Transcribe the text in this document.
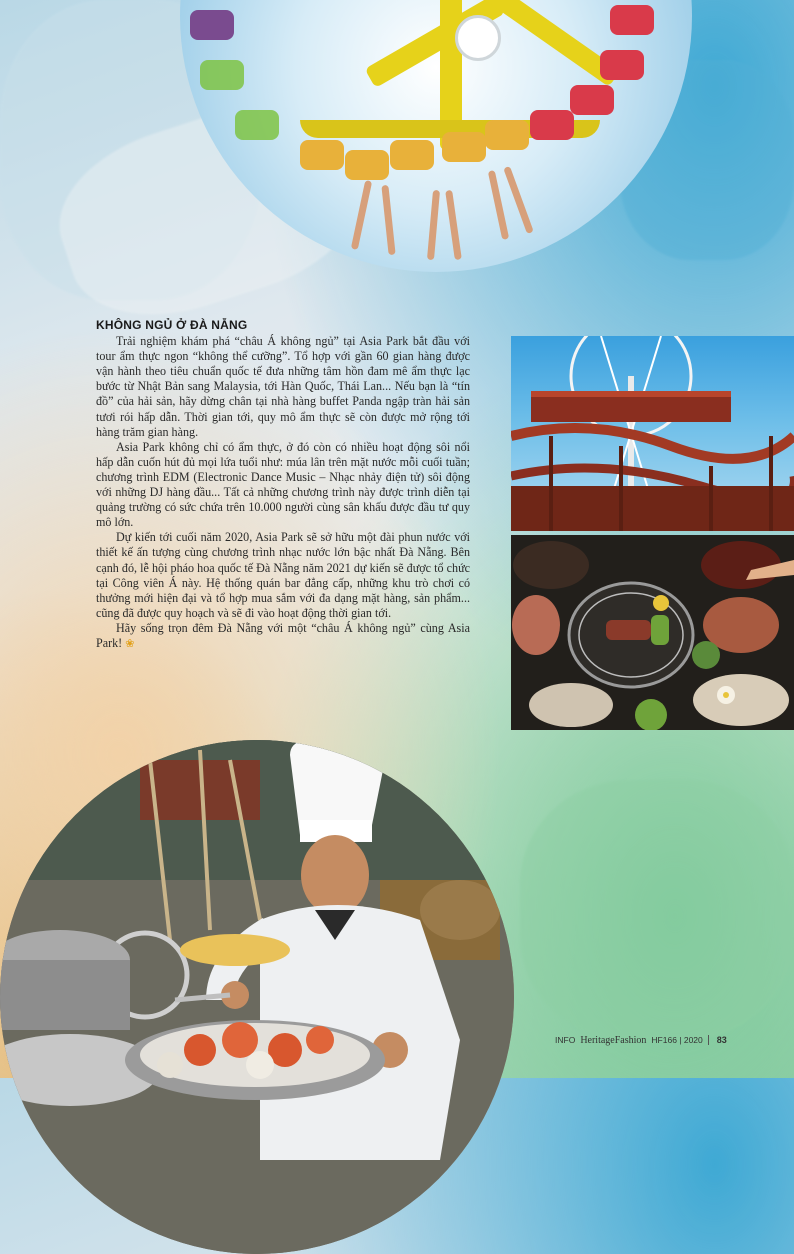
KHÔNG NGỦ Ở ĐÀ NẴNG

Trải nghiệm khám phá “châu Á không ngủ” tại Asia Park bắt đầu với tour ẩm thực ngon “không thể cưỡng”. Tổ hợp với gần 60 gian hàng được vận hành theo tiêu chuẩn quốc tế đưa những tâm hồn đam mê ẩm thực lạc bước từ Nhật Bản sang Malaysia, tới Hàn Quốc, Thái Lan... Nếu bạn là “tín đồ” của hải sản, hãy dừng chân tại nhà hàng buffet Panda ngập tràn hải sản tươi rói hấp dẫn. Thời gian tới, quy mô ẩm thực sẽ còn được mở rộng tới hàng trăm gian hàng.

Asia Park không chỉ có ẩm thực, ở đó còn có nhiều hoạt động sôi nổi hấp dẫn cuốn hút đủ mọi lứa tuổi như: múa lân trên mặt nước mỗi cuối tuần; chương trình EDM (Electronic Dance Music – Nhạc nhảy điện tử) sôi động với những DJ hàng đầu... Tất cả những chương trình này được trình diễn tại quảng trường có sức chứa trên 10.000 người cùng sân khấu được đầu tư quy mô lớn.

Dự kiến tới cuối năm 2020, Asia Park sẽ sở hữu một đài phun nước với thiết kế ấn tượng cùng chương trình nhạc nước lớn bậc nhất Đà Nẵng. Bên cạnh đó, lễ hội pháo hoa quốc tế Đà Nẵng năm 2021 dự kiến sẽ được tổ chức tại Công viên Á này. Hệ thống quán bar đẳng cấp, những khu trò chơi có thưởng mới hiện đại và tổ hợp mua sắm với đa dạng mặt hàng, sản phẩm... cũng đã được quy hoạch và sẽ đi vào hoạt động thời gian tới.

Hãy sống trọn đêm Đà Nẵng với một “châu Á không ngủ” cùng Asia Park! ❀

INFO HeritageFashion HF166 | 2020 83
